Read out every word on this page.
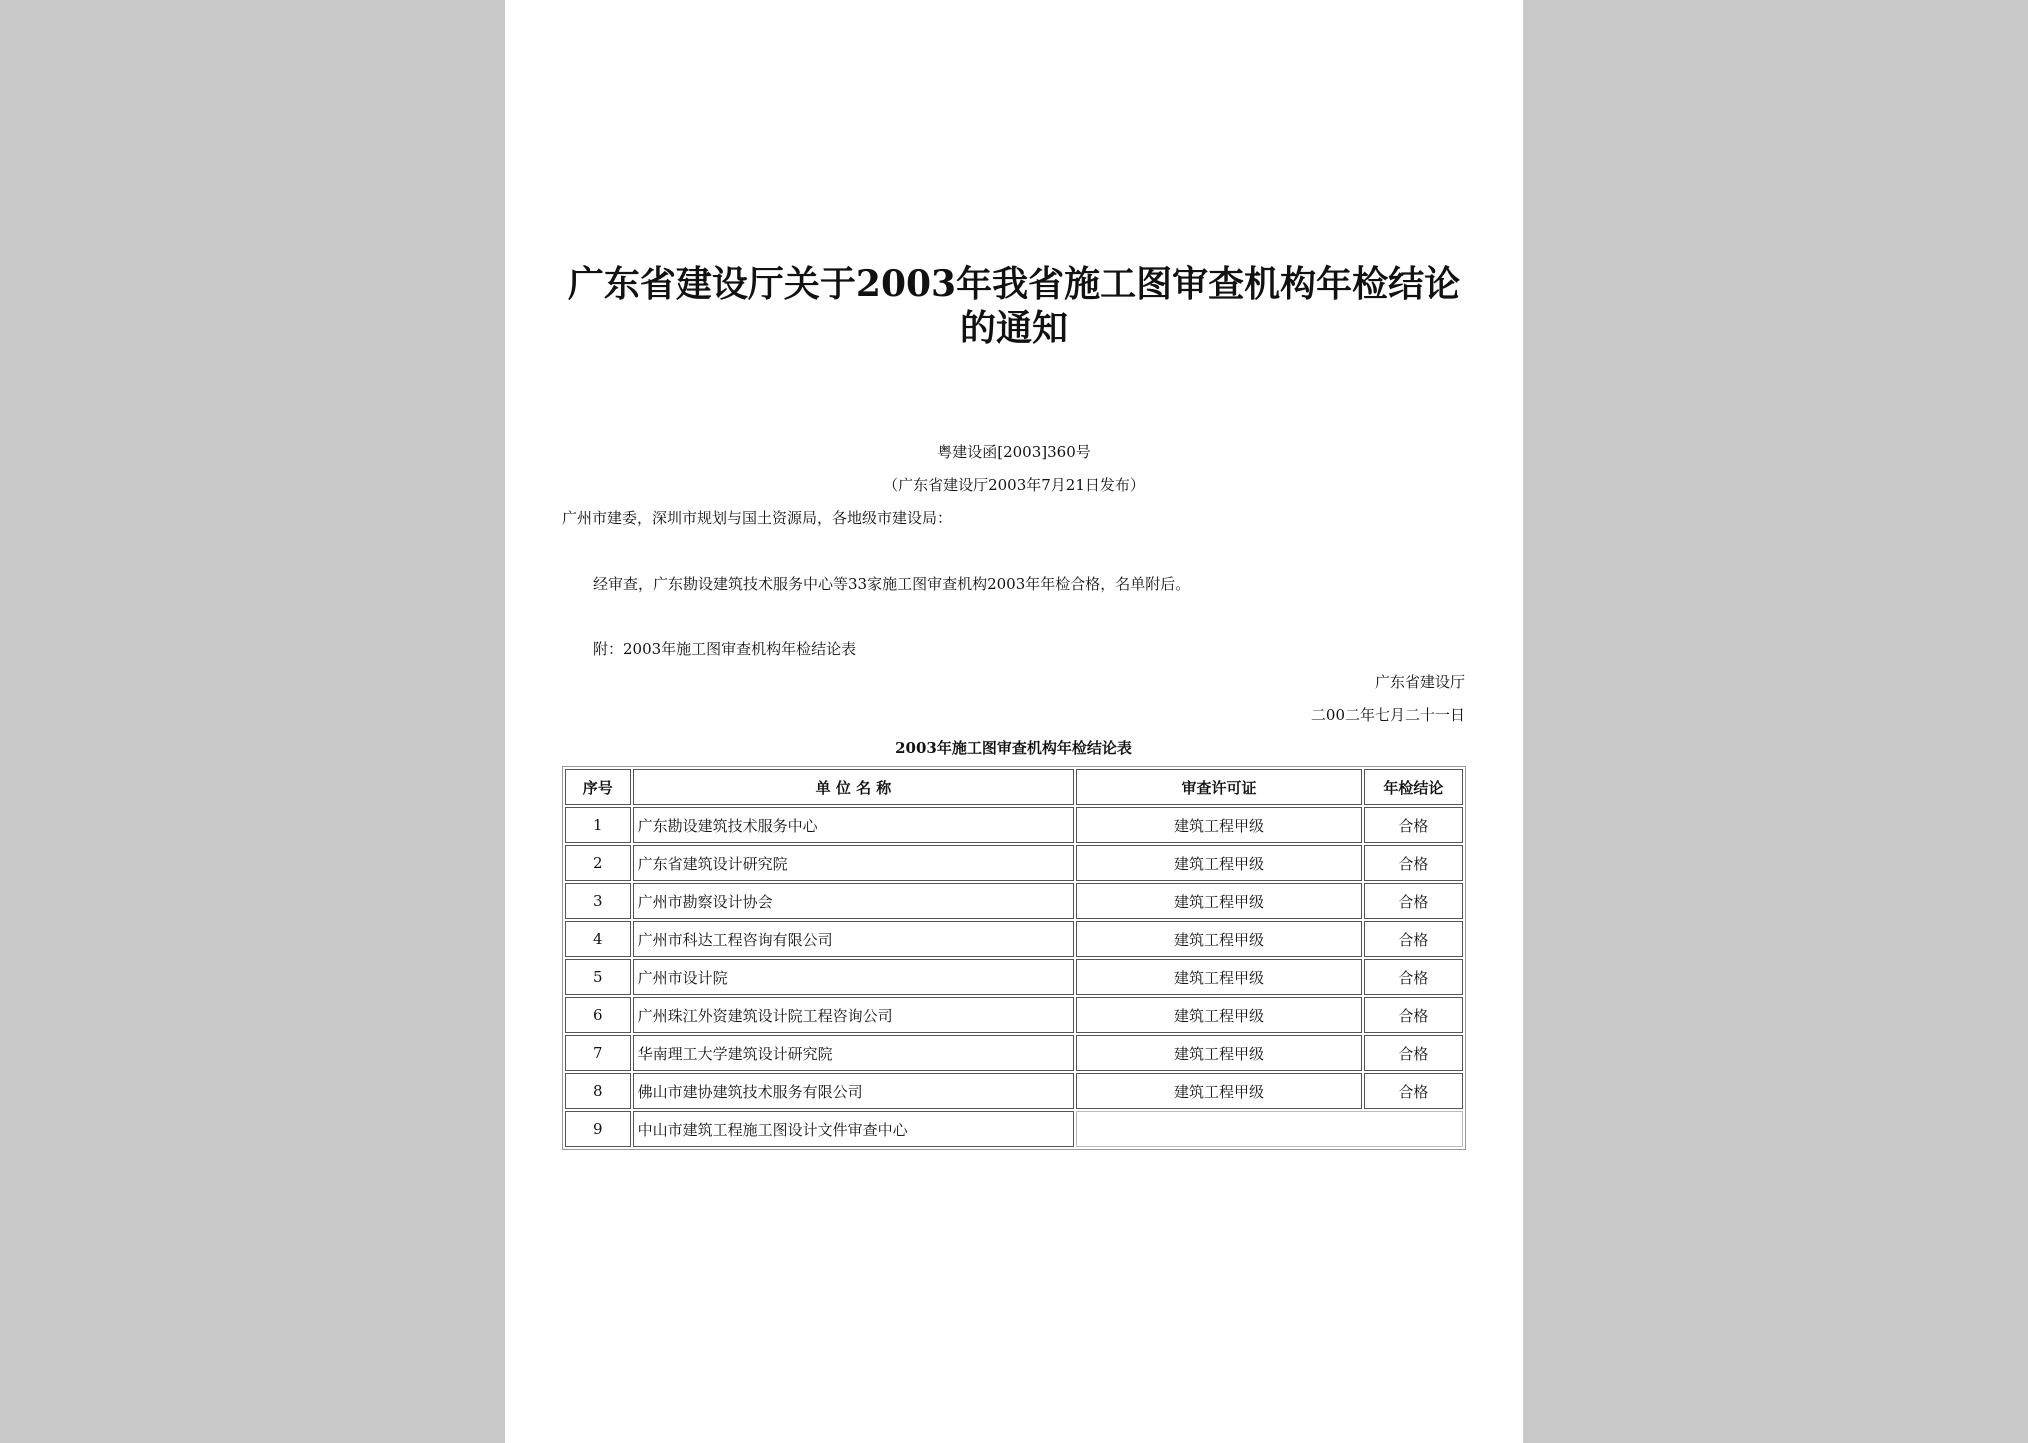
广东省建设厅关于2003年我省施工图审查机构年检结论
的通知
粤建设函[2003]360号
（广东省建设厅2003年7月21日发布）
广州市建委，深圳市规划与国土资源局，各地级市建设局：
经审查，广东勘设建筑技术服务中心等33家施工图审查机构2003年年检合格，名单附后。
附：2003年施工图审查机构年检结论表
广东省建设厅
二00二年七月二十一日
2003年施工图审查机构年检结论表
序号	单 位 名 称	审查许可证	年检结论
1	广东勘设建筑技术服务中心	建筑工程甲级	合格
2	广东省建筑设计研究院	建筑工程甲级	合格
3	广州市勘察设计协会	建筑工程甲级	合格
4	广州市科达工程咨询有限公司	建筑工程甲级	合格
5	广州市设计院	建筑工程甲级	合格
6	广州珠江外资建筑设计院工程咨询公司	建筑工程甲级	合格
7	华南理工大学建筑设计研究院	建筑工程甲级	合格
8	佛山市建协建筑技术服务有限公司	建筑工程甲级	合格
9	中山市建筑工程施工图设计文件审查中心		
